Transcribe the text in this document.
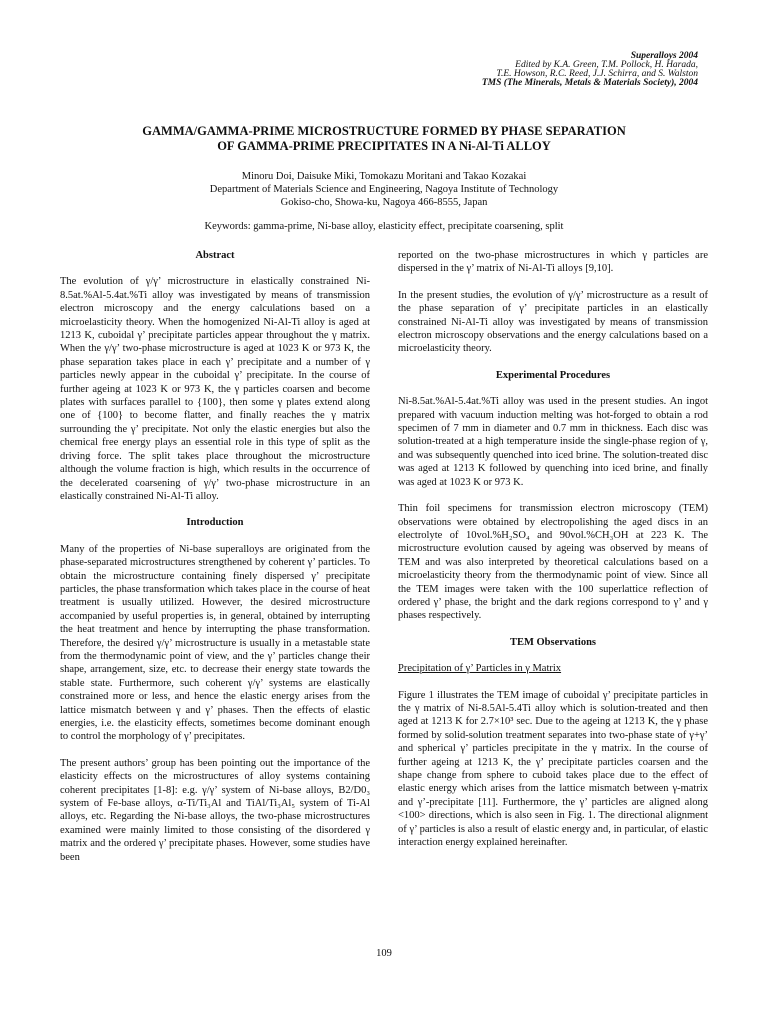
Superalloys 2004
Edited by K.A. Green, T.M. Pollock, H. Harada,
T.E. Howson, R.C. Reed, J.J. Schirra, and S. Walston
TMS (The Minerals, Metals & Materials Society), 2004
GAMMA/GAMMA-PRIME MICROSTRUCTURE FORMED BY PHASE SEPARATION
OF GAMMA-PRIME PRECIPITATES IN A Ni-Al-Ti ALLOY
Minoru Doi, Daisuke Miki, Tomokazu Moritani and Takao Kozakai
Department of Materials Science and Engineering, Nagoya Institute of Technology
Gokiso-cho, Showa-ku, Nagoya 466-8555, Japan
Keywords: gamma-prime, Ni-base alloy, elasticity effect, precipitate coarsening, split
Abstract

The evolution of γ/γ’ microstructure in elastically constrained Ni-8.5at.%Al-5.4at.%Ti alloy was investigated by means of transmission electron microscopy and the energy calculations based on a microelasticity theory. When the homogenized Ni-Al-Ti alloy is aged at 1213 K, cuboidal γ’ precipitate particles appear throughout the γ matrix. When the γ/γ’ two-phase microstructure is aged at 1023 K or 973 K, the phase separation takes place in each γ’ precipitate and a number of γ particles newly appear in the cuboidal γ’ precipitate. In the course of further ageing at 1023 K or 973 K, the γ particles coarsen and become plates with surfaces parallel to {100}, then some γ plates extend along one of {100} to become flatter, and finally reaches the γ matrix surrounding the γ’ precipitate. Not only the elastic energies but also the chemical free energy plays an essential role in this type of split as the driving force. The split takes place throughout the microstructure although the volume fraction is high, which results in the occurrence of the decelerated coarsening of γ/γ’ two-phase microstructure in an elastically constrained Ni-Al-Ti alloy.

Introduction

Many of the properties of Ni-base superalloys are originated from the phase-separated microstructures strengthened by coherent γ’ particles. To obtain the microstructure containing finely dispersed γ’ precipitate particles, the phase transformation which takes place in the course of heat treatment is usually utilized. However, the desired microstructure accompanied by useful properties is, in general, obtained by interrupting the heat treatment and hence by interrupting the phase transformation. Therefore, the desired γ/γ’ microstructure is usually in a metastable state from the thermodynamic point of view, and the γ’ particles change their shape, arrangement, size, etc. to decrease their energy state towards the stable state. Furthermore, such coherent γ/γ’ systems are elastically constrained more or less, and hence the elastic energy arises from the lattice mismatch between γ and γ’ phases. Then the effects of elastic energies, i.e. the elasticity effects, sometimes become dominant enough to control the morphology of γ’ precipitates.

The present authors’ group has been pointing out the importance of the elasticity effects on the microstructures of alloy systems containing coherent precipitates [1-8]: e.g. γ/γ’ system of Ni-base alloys, B2/D0₃ system of Fe-base alloys, α-Ti/Ti₃Al and TiAl/Ti₃Al₅ system of Ti-Al alloys, etc. Regarding the Ni-base alloys, the two-phase microstructures examined were mainly limited to those consisting of the disordered γ matrix and the ordered γ’ precipitate phases. However, some studies have been

reported on the two-phase microstructures in which γ particles are dispersed in the γ’ matrix of Ni-Al-Ti alloys [9,10].

In the present studies, the evolution of γ/γ’ microstructure as a result of the phase separation of γ’ precipitate particles in an elastically constrained Ni-Al-Ti alloy was investigated by means of transmission electron microscopy observations and the energy calculations based on a microelasticity theory.

Experimental Procedures

Ni-8.5at.%Al-5.4at.%Ti alloy was used in the present studies. An ingot prepared with vacuum induction melting was hot-forged to obtain a rod specimen of 7 mm in diameter and 0.7 mm in thickness. Each disc was solution-treated at a high temperature inside the single-phase region of γ, and was subsequently quenched into iced brine. The solution-treated disc was aged at 1213 K followed by quenching into iced brine, and finally was aged at 1023 K or 973 K.

Thin foil specimens for transmission electron microscopy (TEM) observations were obtained by electropolishing the aged discs in an electrolyte of 10vol.%H₂SO₄ and 90vol.%CH₃OH at 223 K. The microstructure evolution caused by ageing was observed by means of TEM and was also interpreted by theoretical calculations based on a microelasticity theory from the thermodynamic point of view. Since all the TEM images were taken with the 100 superlattice reflection of ordered γ’ phase, the bright and the dark regions correspond to γ’ and γ phases respectively.

TEM Observations
Precipitation of γ’ Particles in γ Matrix

Figure 1 illustrates the TEM image of cuboidal γ’ precipitate particles in the γ matrix of Ni-8.5Al-5.4Ti alloy which is solution-treated and then aged at 1213 K for 2.7×10³ sec. Due to the ageing at 1213 K, the γ phase formed by solid-solution treatment separates into two-phase state of γ+γ’ and spherical γ’ particles precipitate in the γ matrix. In the course of further ageing at 1213 K, the γ’ precipitate particles coarsen and the shape change from sphere to cuboid takes place due to the effect of elastic energy which arises from the lattice mismatch between γ-matrix and γ’-precipitate [11]. Furthermore, the γ’ particles are aligned along <100> directions, which is also seen in Fig. 1. The directional alignment of γ’ particles is also a result of elastic energy and, in particular, of elastic interaction energy explained hereinafter.

109
